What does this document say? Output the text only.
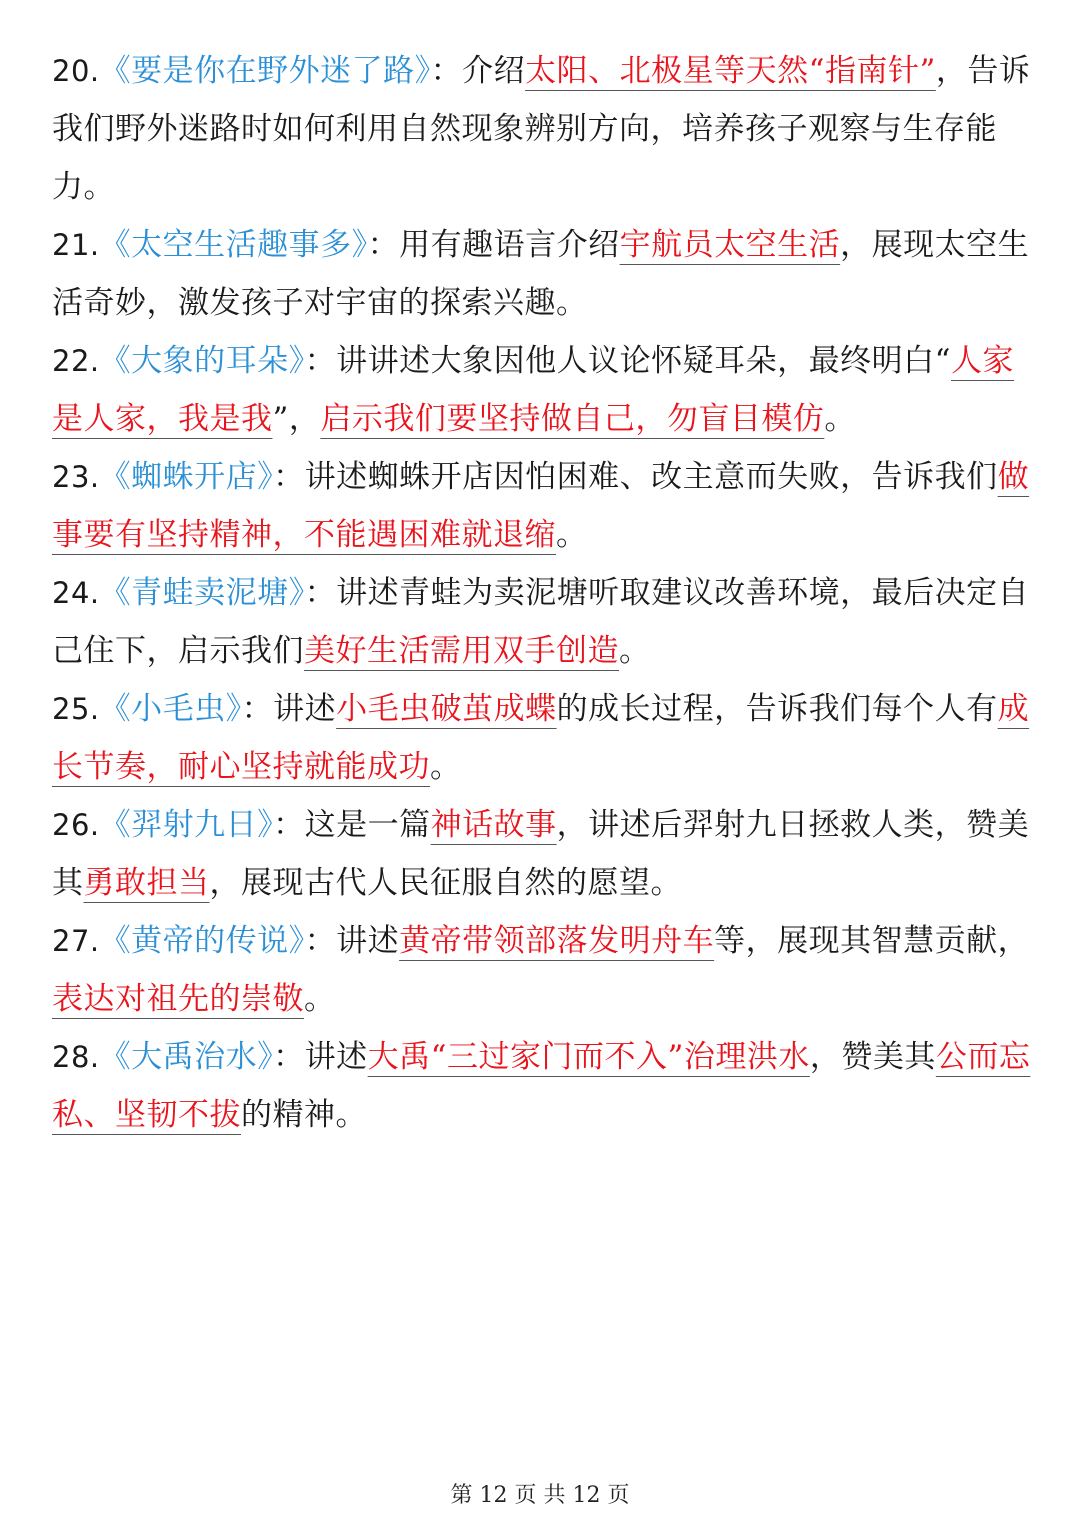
20.《要是你在野外迷了路》：介绍太阳、北极星等天然“指南针”，告诉我们野外迷路时如何利用自然现象辨别方向，培养孩子观察与生存能力。

21.《太空生活趣事多》：用有趣语言介绍宇航员太空生活，展现太空生活奇妙，激发孩子对宇宙的探索兴趣。

22.《大象的耳朵》：讲讲述大象因他人议论怀疑耳朵，最终明白“人家是人家，我是我”，启示我们要坚持做自己，勿盲目模仿。

23.《蜘蛛开店》：讲述蜘蛛开店因怕困难、改主意而失败，告诉我们做事要有坚持精神，不能遇困难就退缩。

24.《青蛙卖泥塘》：讲述青蛙为卖泥塘听取建议改善环境，最后决定自己住下，启示我们美好生活需用双手创造。

25.《小毛虫》：讲述小毛虫破茧成蝶的成长过程，告诉我们每个人有成长节奏，耐心坚持就能成功。

26.《羿射九日》：这是一篇神话故事，讲述后羿射九日拯救人类，赞美其勇敢担当，展现古代人民征服自然的愿望。

27.《黄帝的传说》：讲述黄帝带领部落发明舟车等，展现其智慧贡献，表达对祖先的崇敬。

28.《大禹治水》：讲述大禹“三过家门而不入”治理洪水，赞美其公而忘私、坚韧不拔的精神。

第 12 页 共 12 页
